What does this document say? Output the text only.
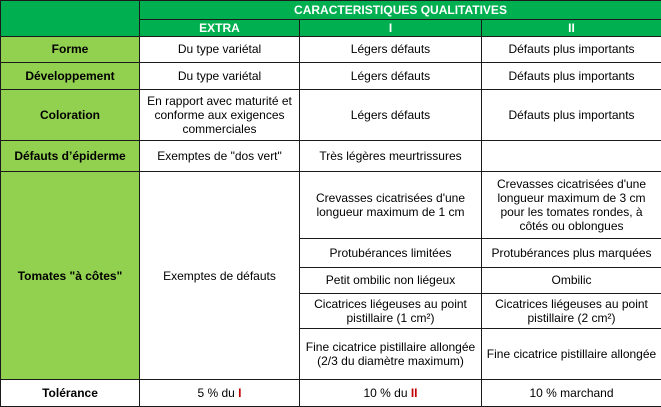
	CARACTERISTIQUES QUALITATIVES		
	EXTRA	I	II
Forme	Du type variétal	Légers défauts	Défauts plus importants
Développement	Du type variétal	Légers défauts	Défauts plus importants
Coloration	En rapport avec maturité et conforme aux exigences commerciales	Légers défauts	Défauts plus importants
Défauts d’épiderme	Exemptes de "dos vert"	Très légères meurtrissures	
Tomates "à côtes"	Exemptes de défauts	Crevasses cicatrisées d'une longueur maximum de 1 cm	Crevasses cicatrisées d'une longueur maximum de 3 cm pour les tomates rondes, à côtés ou oblongues
		Protubérances limitées	Protubérances plus marquées
		Petit ombilic non liégeux	Ombilic
		Cicatrices liégeuses au point pistillaire (1 cm²)	Cicatrices liégeuses au point pistillaire (2 cm²)
		Fine cicatrice pistillaire allongée (2/3 du diamètre maximum)	Fine cicatrice pistillaire allongée
Tolérance	5 % du I	10 % du II	10 % marchand
